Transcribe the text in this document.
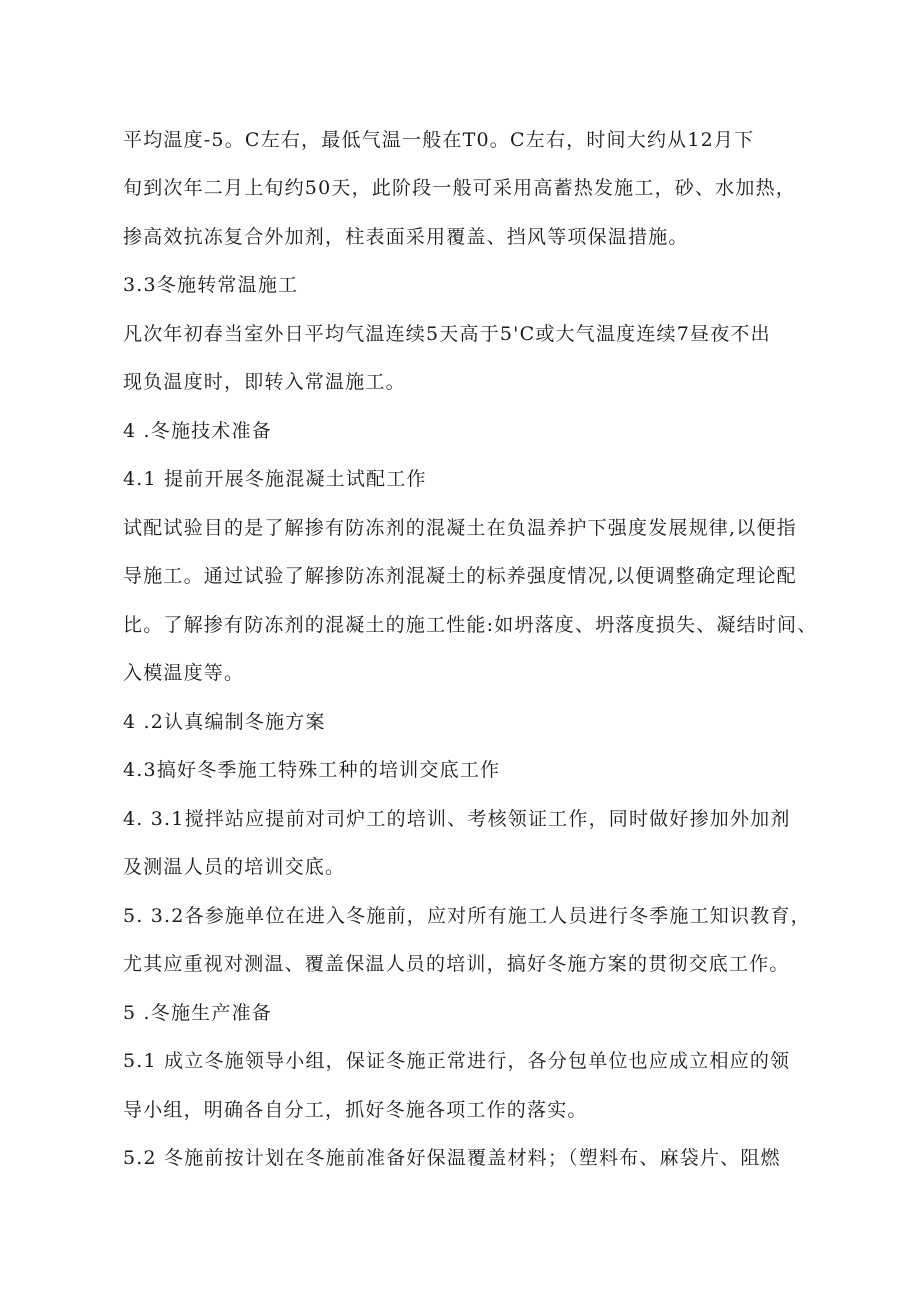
平均温度-5。C左右，最低气温一般在T0。C左右，时间大约从12月下
旬到次年二月上旬约50天，此阶段一般可采用高蓄热发施工，砂、水加热，
掺高效抗冻复合外加剂，柱表面采用覆盖、挡风等项保温措施。
3.3冬施转常温施工
凡次年初春当室外日平均气温连续5天高于5'C或大气温度连续7昼夜不出
现负温度时，即转入常温施工。
4 .冬施技术准备
4.1 提前开展冬施混凝土试配工作
试配试验目的是了解掺有防冻剂的混凝土在负温养护下强度发展规律,以便指
导施工。通过试验了解掺防冻剂混凝土的标养强度情况,以便调整确定理论配
比。了解掺有防冻剂的混凝土的施工性能:如坍落度、坍落度损失、凝结时间、
入模温度等。
4 .2认真编制冬施方案
4.3搞好冬季施工特殊工种的培训交底工作
4. 3.1搅拌站应提前对司炉工的培训、考核领证工作，同时做好掺加外加剂
及测温人员的培训交底。
5. 3.2各参施单位在进入冬施前，应对所有施工人员进行冬季施工知识教育，
尤其应重视对测温、覆盖保温人员的培训，搞好冬施方案的贯彻交底工作。
5 .冬施生产准备
5.1 成立冬施领导小组，保证冬施正常进行，各分包单位也应成立相应的领
导小组，明确各自分工，抓好冬施各项工作的落实。
5.2 冬施前按计划在冬施前准备好保温覆盖材料；（塑料布、麻袋片、阻燃
